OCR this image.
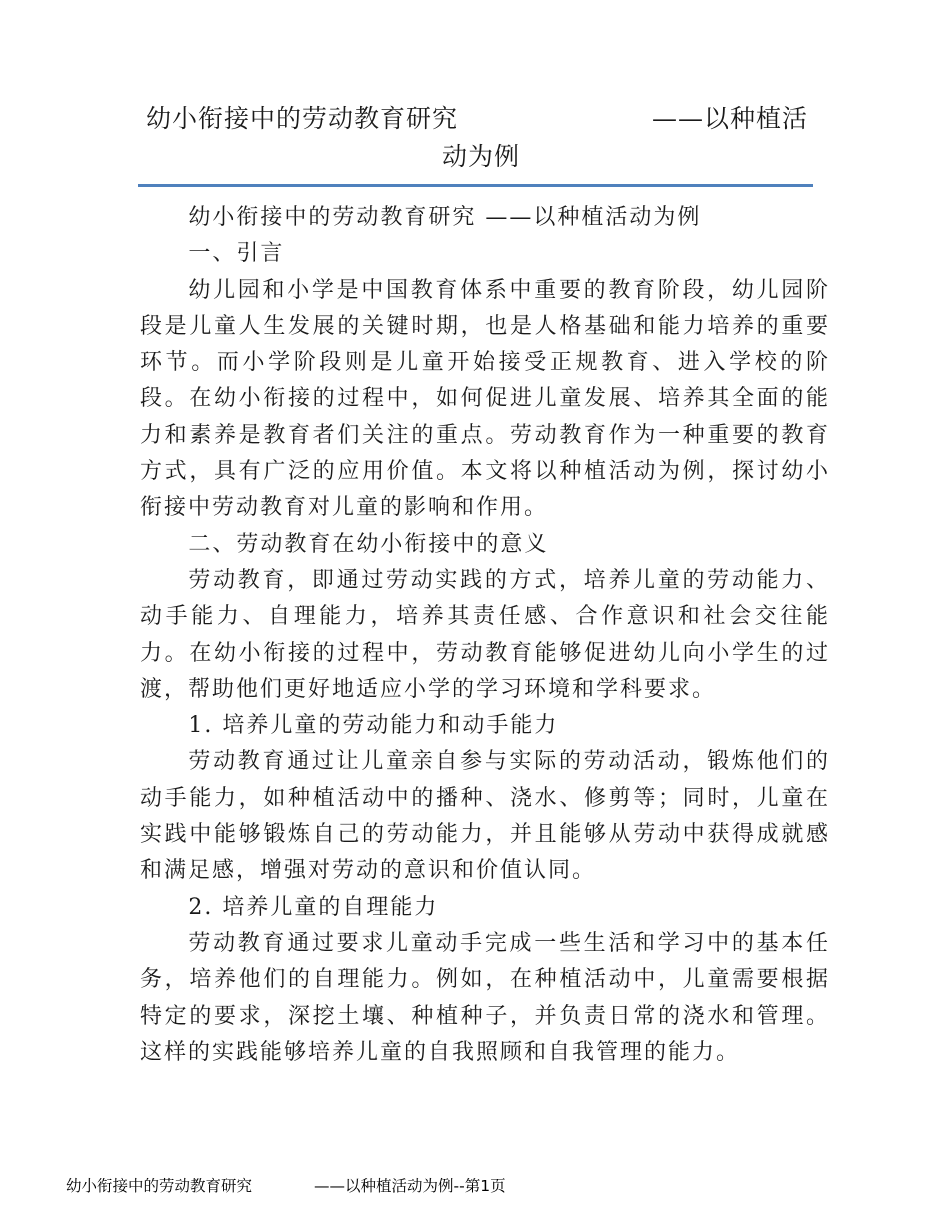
幼小衔接中的劳动教育研究	——以种植活
动为例

幼小衔接中的劳动教育研究 ——以种植活动为例

一、引言

幼儿园和小学是中国教育体系中重要的教育阶段，幼儿园阶段是儿童人生发展的关键时期，也是人格基础和能力培养的重要环节。而小学阶段则是儿童开始接受正规教育、进入学校的阶段。在幼小衔接的过程中，如何促进儿童发展、培养其全面的能力和素养是教育者们关注的重点。劳动教育作为一种重要的教育方式，具有广泛的应用价值。本文将以种植活动为例，探讨幼小衔接中劳动教育对儿童的影响和作用。

二、劳动教育在幼小衔接中的意义

劳动教育，即通过劳动实践的方式，培养儿童的劳动能力、动手能力、自理能力，培养其责任感、合作意识和社会交往能力。在幼小衔接的过程中，劳动教育能够促进幼儿向小学生的过渡，帮助他们更好地适应小学的学习环境和学科要求。

1. 培养儿童的劳动能力和动手能力

劳动教育通过让儿童亲自参与实际的劳动活动，锻炼他们的动手能力，如种植活动中的播种、浇水、修剪等；同时，儿童在实践中能够锻炼自己的劳动能力，并且能够从劳动中获得成就感和满足感，增强对劳动的意识和价值认同。

2. 培养儿童的自理能力

劳动教育通过要求儿童动手完成一些生活和学习中的基本任务，培养他们的自理能力。例如，在种植活动中，儿童需要根据特定的要求，深挖土壤、种植种子，并负责日常的浇水和管理。这样的实践能够培养儿童的自我照顾和自我管理的能力。

幼小衔接中的劳动教育研究	——以种植活动为例--第1页
